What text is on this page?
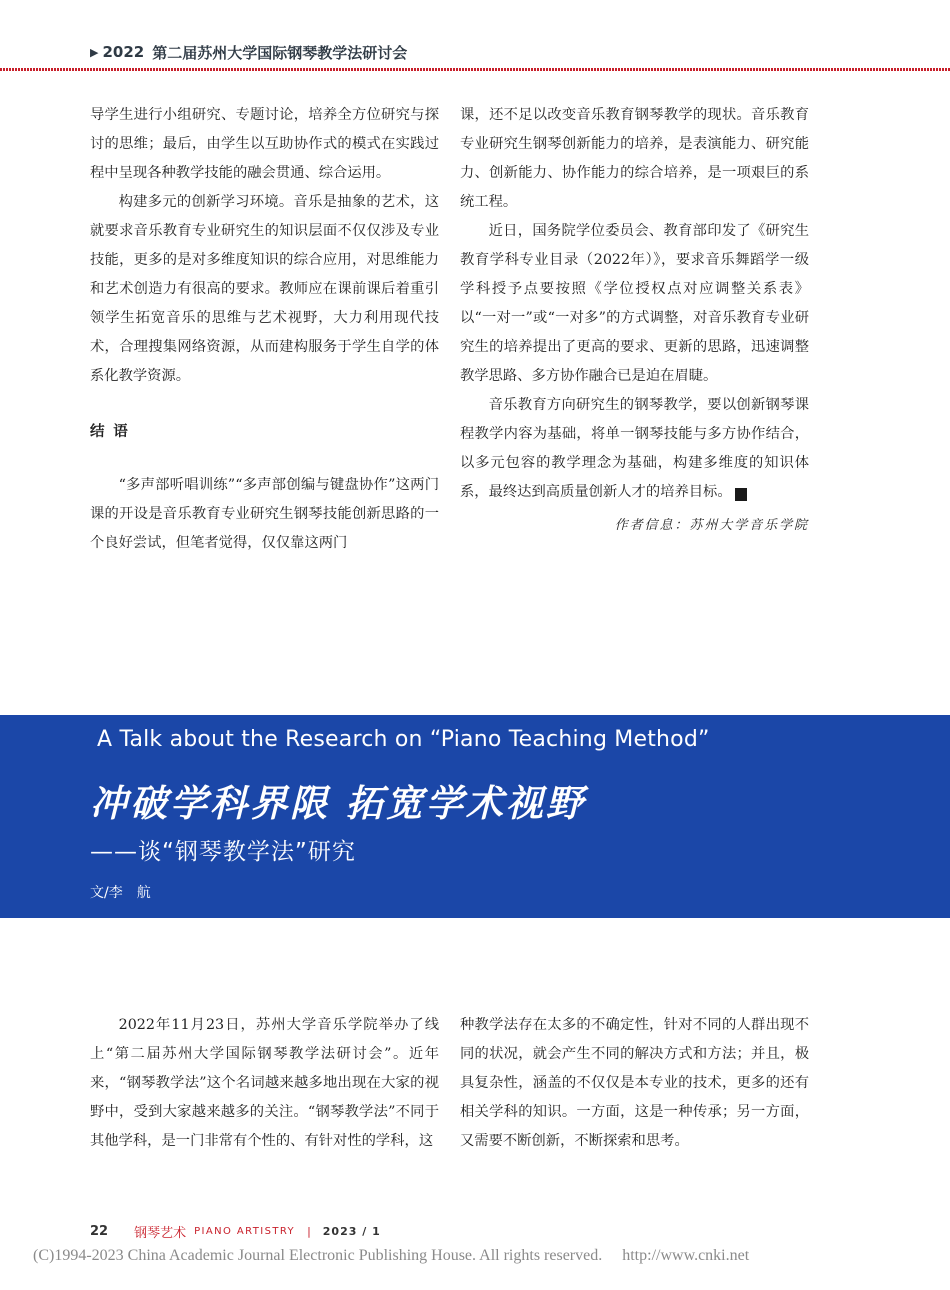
▶ 2022 第二届苏州大学国际钢琴教学法研讨会

导学生进行小组研究、专题讨论，培养全方位研究与探讨的思维；最后，由学生以互助协作式的模式在实践过程中呈现各种教学技能的融会贯通、综合运用。

构建多元的创新学习环境。音乐是抽象的艺术，这就要求音乐教育专业研究生的知识层面不仅仅涉及专业技能，更多的是对多维度知识的综合应用，对思维能力和艺术创造力有很高的要求。教师应在课前课后着重引领学生拓宽音乐的思维与艺术视野，大力利用现代技术，合理搜集网络资源，从而建构服务于学生自学的体系化教学资源。

结语

“多声部听唱训练”“多声部创编与键盘协作”这两门课的开设是音乐教育专业研究生钢琴技能创新思路的一个良好尝试，但笔者觉得，仅仅靠这两门

课，还不足以改变音乐教育钢琴教学的现状。音乐教育专业研究生钢琴创新能力的培养，是表演能力、研究能力、创新能力、协作能力的综合培养，是一项艰巨的系统工程。

近日，国务院学位委员会、教育部印发了《研究生教育学科专业目录（2022年）》，要求音乐舞蹈学一级学科授予点要按照《学位授权点对应调整关系表》以“一对一”或“一对多”的方式调整，对音乐教育专业研究生的培养提出了更高的要求、更新的思路，迅速调整教学思路、多方协作融合已是迫在眉睫。

音乐教育方向研究生的钢琴教学，要以创新钢琴课程教学内容为基础，将单一钢琴技能与多方协作结合，以多元包容的教学理念为基础，构建多维度的知识体系，最终达到高质量创新人才的培养目标。	♪

作者信息：苏州大学音乐学院

A Talk about the Research on “Piano Teaching Method”
冲破学科界限 拓宽学术视野
——谈“钢琴教学法”研究
文/李　航

2022年11月23日，苏州大学音乐学院举办了线上“第二届苏州大学国际钢琴教学法研讨会”。近年来，“钢琴教学法”这个名词越来越多地出现在大家的视野中，受到大家越来越多的关注。“钢琴教学法”不同于其他学科，是一门非常有个性的、有针对性的学科，这

种教学法存在太多的不确定性，针对不同的人群出现不同的状况，就会产生不同的解决方式和方法；并且，极具复杂性，涵盖的不仅仅是本专业的技术，更多的还有相关学科的知识。一方面，这是一种传承；另一方面，又需要不断创新，不断探索和思考。

22 钢琴艺术 PIANO ARTISTRY | 2023 / 1
(C)1994-2023 China Academic Journal Electronic Publishing House. All rights reserved.　 http://www.cnki.net
